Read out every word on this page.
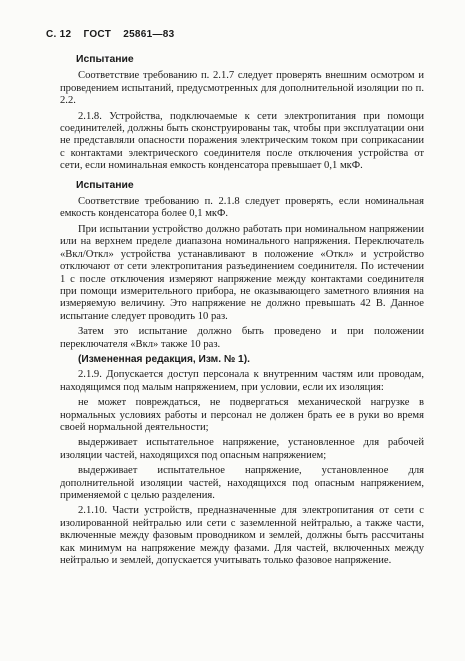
С. 12 ГОСТ 25861—83
Испытание

Соответствие требованию п. 2.1.7 следует проверять внешним осмотром и проведением испытаний, предусмотренных для дополнительной изоляции по п. 2.2.

2.1.8. Устройства, подключаемые к сети электропитания при помощи соединителей, должны быть сконструированы так, чтобы при эксплуатации они не представляли опасности поражения электрическим током при соприкасании с контактами электрического соединителя после отключения устройства от сети, если номинальная емкость конденсатора превышает 0,1 мкФ.

Испытание

Соответствие требованию п. 2.1.8 следует проверять, если номинальная емкость конденсатора более 0,1 мкФ.

При испытании устройство должно работать при номинальном напряжении или на верхнем пределе диапазона номинального напряжения. Переключатель «Вкл/Откл» устройства устанавливают в положение «Откл» и устройство отключают от сети электропитания разъединением соединителя. По истечении 1 с после отключения измеряют напряжение между контактами соединителя при помощи измерительного прибора, не оказывающего заметного влияния на измеряемую величину. Это напряжение не должно превышать 42 В. Данное испытание следует проводить 10 раз.

Затем это испытание должно быть проведено и при положении переключателя «Вкл» также 10 раз.

(Измененная редакция, Изм. № 1).

2.1.9. Допускается доступ персонала к внутренним частям или проводам, находящимся под малым напряжением, при условии, если их изоляция:

не может повреждаться, не подвергаться механической нагрузке в нормальных условиях работы и персонал не должен брать ее в руки во время своей нормальной деятельности;

выдерживает испытательное напряжение, установленное для рабочей изоляции частей, находящихся под опасным напряжением;

выдерживает испытательное напряжение, установленное для дополнительной изоляции частей, находящихся под опасным напряжением, применяемой с целью разделения.

2.1.10. Части устройств, предназначенные для электропитания от сети с изолированной нейтралью или сети с заземленной нейтралью, а также части, включенные между фазовым проводником и землей, должны быть рассчитаны как минимум на напряжение между фазами. Для частей, включенных между нейтралью и землей, допускается учитывать только фазовое напряжение.
